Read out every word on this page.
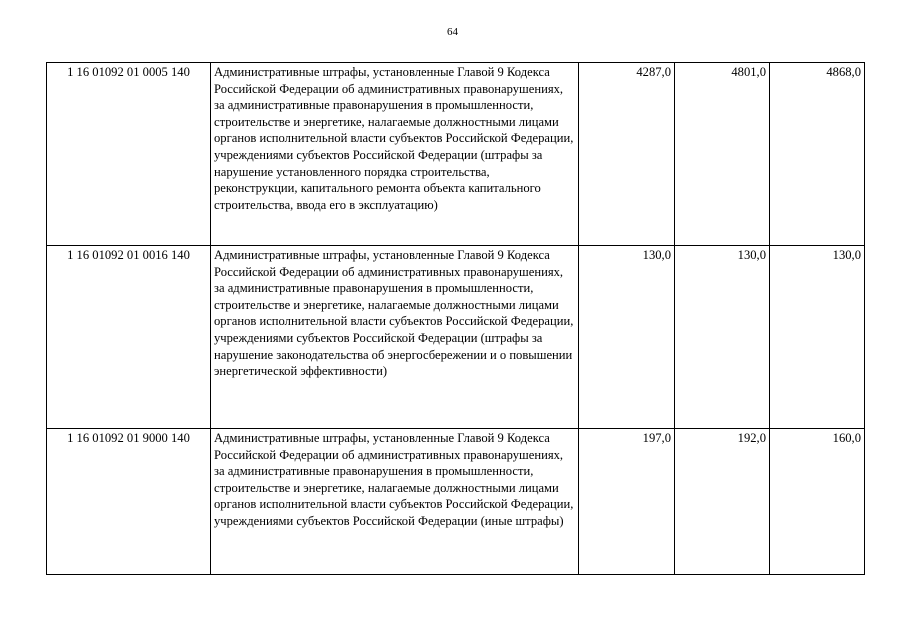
64
1 16 01092 01 0005 140	Административные штрафы, установленные Главой 9 Кодекса Российской Федерации об административных правонарушениях, за административные правонарушения в промышленности, строительстве и энергетике, налагаемые должностными лицами органов исполнительной власти субъектов Российской Федерации, учреждениями субъектов Российской Федерации (штрафы за нарушение установленного порядка строительства, реконструкции, капитального ремонта объекта капитального строительства, ввода его в эксплуатацию)	4287,0	4801,0	4868,0
1 16 01092 01 0016 140	Административные штрафы, установленные Главой 9 Кодекса Российской Федерации об административных правонарушениях, за административные правонарушения в промышленности, строительстве и энергетике, налагаемые должностными лицами органов исполнительной власти субъектов Российской Федерации, учреждениями субъектов Российской Федерации (штрафы за нарушение законодательства об энергосбережении и о повышении энергетической эффективности)	130,0	130,0	130,0
1 16 01092 01 9000 140	Административные штрафы, установленные Главой 9 Кодекса Российской Федерации об административных правонарушениях, за административные правонарушения в промышленности, строительстве и энергетике, налагаемые должностными лицами органов исполнительной власти субъектов Российской Федерации, учреждениями субъектов Российской Федерации (иные штрафы)	197,0	192,0	160,0
